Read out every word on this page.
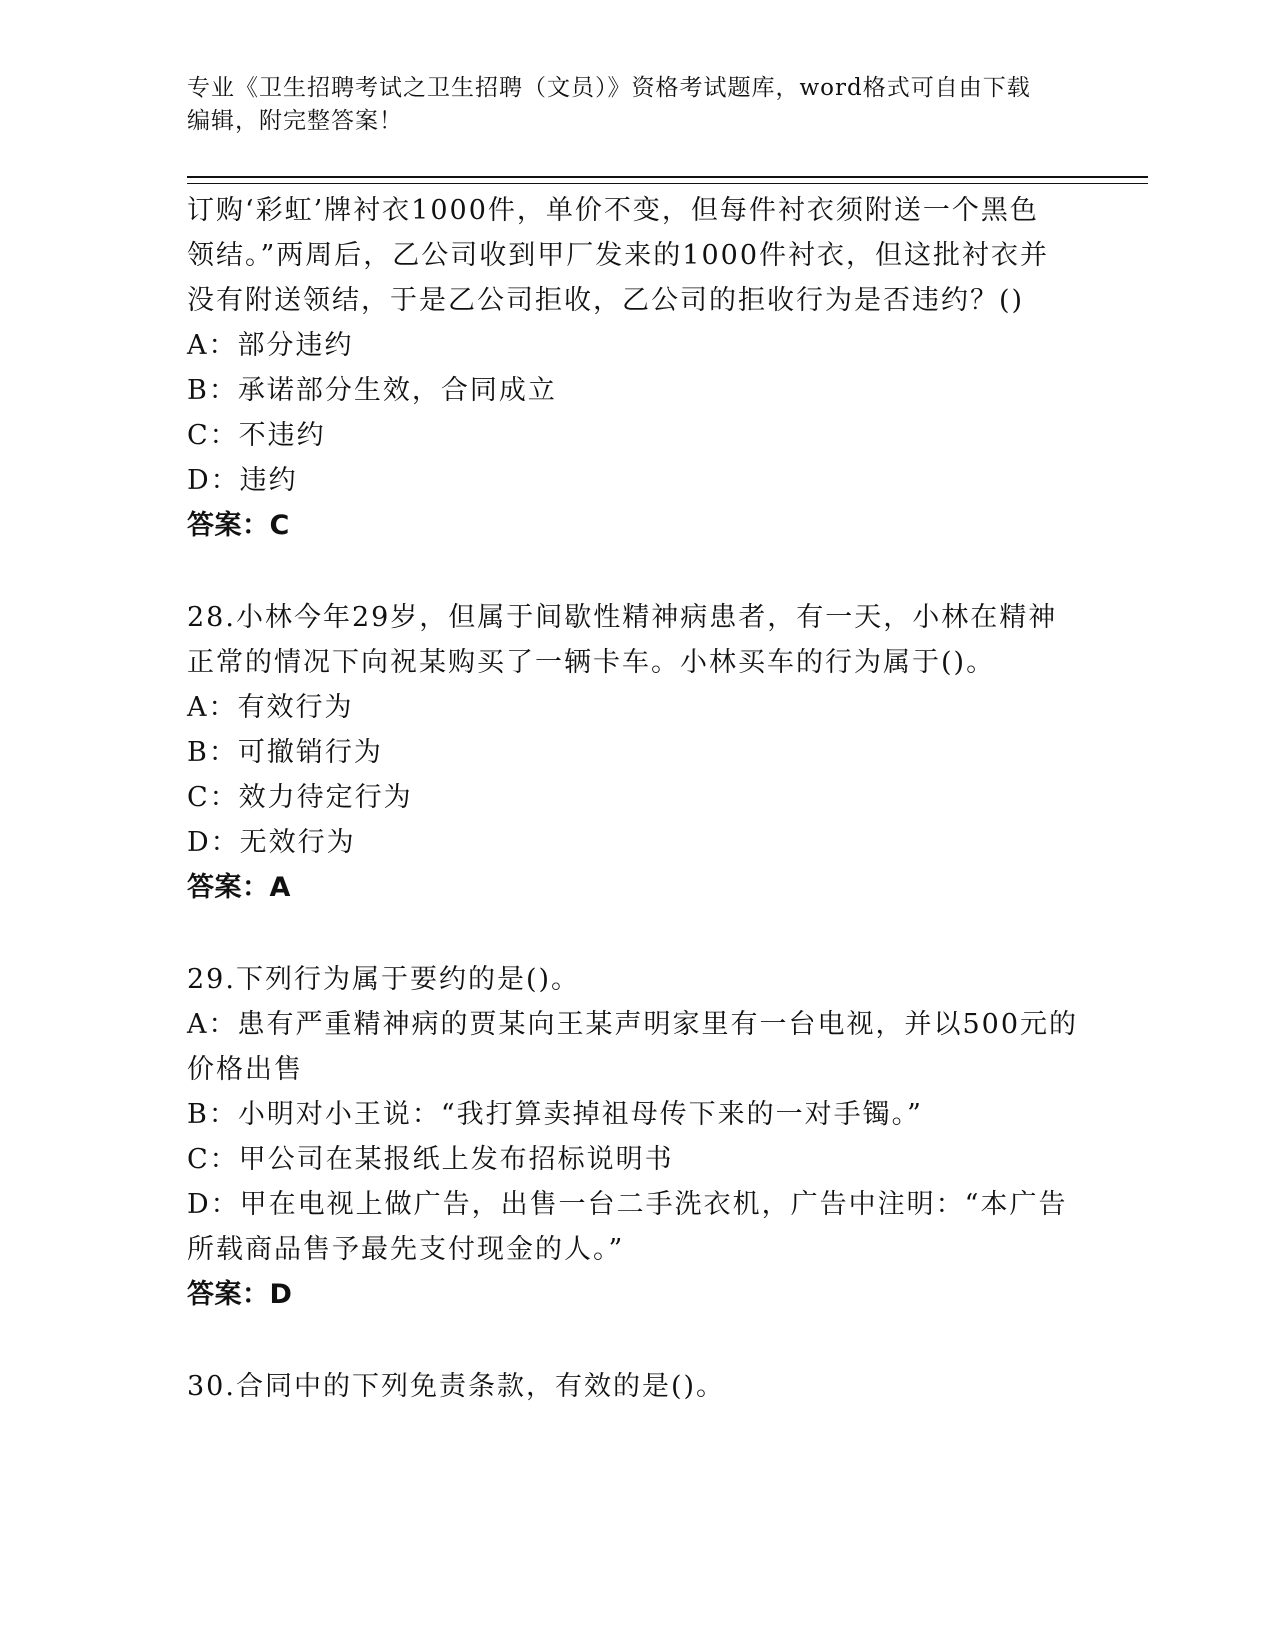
专业《卫生招聘考试之卫生招聘（文员）》资格考试题库，word格式可自由下载
编辑，附完整答案！
订购‘彩虹’牌衬衣1000件，单价不变，但每件衬衣须附送一个黑色
领结。”两周后，乙公司收到甲厂发来的1000件衬衣，但这批衬衣并
没有附送领结，于是乙公司拒收，乙公司的拒收行为是否违约？()
A：部分违约
B：承诺部分生效，合同成立
C：不违约
D：违约
答案：C
28.小林今年29岁，但属于间歇性精神病患者，有一天，小林在精神
正常的情况下向祝某购买了一辆卡车。小林买车的行为属于()。
A：有效行为
B：可撤销行为
C：效力待定行为
D：无效行为
答案：A
29.下列行为属于要约的是()。
A：患有严重精神病的贾某向王某声明家里有一台电视，并以500元的
价格出售
B：小明对小王说：“我打算卖掉祖母传下来的一对手镯。”
C：甲公司在某报纸上发布招标说明书
D：甲在电视上做广告，出售一台二手洗衣机，广告中注明：“本广告
所载商品售予最先支付现金的人。”
答案：D
30.合同中的下列免责条款，有效的是()。
